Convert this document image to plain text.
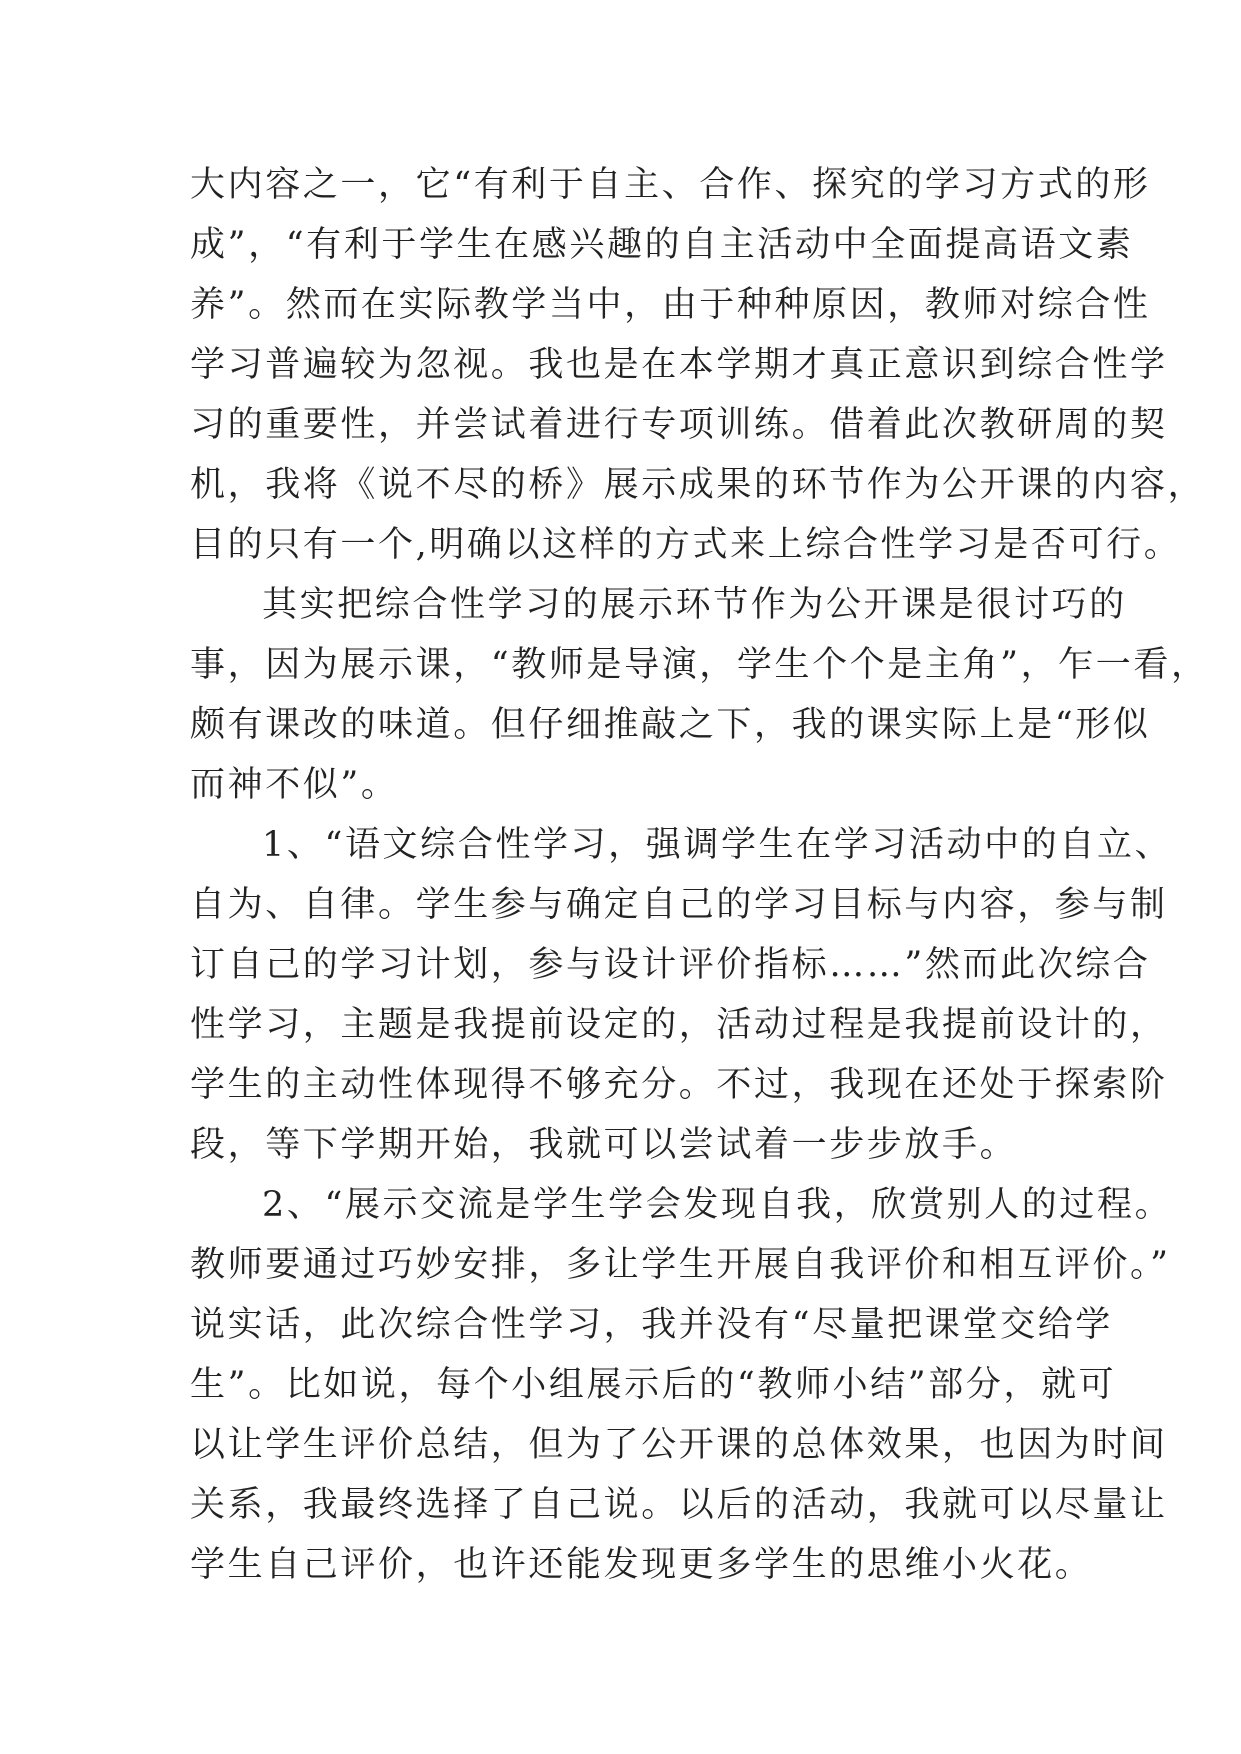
大内容之一，它“有利于自主、合作、探究的学习方式的形
成”，“有利于学生在感兴趣的自主活动中全面提高语文素
养”。然而在实际教学当中，由于种种原因，教师对综合性
学习普遍较为忽视。我也是在本学期才真正意识到综合性学
习的重要性，并尝试着进行专项训练。借着此次教研周的契
机，我将《说不尽的桥》展示成果的环节作为公开课的内容，
目的只有一个,明确以这样的方式来上综合性学习是否可行。
其实把综合性学习的展示环节作为公开课是很讨巧的
事，因为展示课，“教师是导演，学生个个是主角”，乍一看，
颇有课改的味道。但仔细推敲之下，我的课实际上是“形似
而神不似”。
1、“语文综合性学习，强调学生在学习活动中的自立、
自为、自律。学生参与确定自己的学习目标与内容，参与制
订自己的学习计划，参与设计评价指标……”然而此次综合
性学习，主题是我提前设定的，活动过程是我提前设计的，
学生的主动性体现得不够充分。不过，我现在还处于探索阶
段，等下学期开始，我就可以尝试着一步步放手。
2、“展示交流是学生学会发现自我，欣赏别人的过程。
教师要通过巧妙安排，多让学生开展自我评价和相互评价。”
说实话，此次综合性学习，我并没有“尽量把课堂交给学
生”。比如说，每个小组展示后的“教师小结”部分，就可
以让学生评价总结，但为了公开课的总体效果，也因为时间
关系，我最终选择了自己说。以后的活动，我就可以尽量让
学生自己评价，也许还能发现更多学生的思维小火花。
